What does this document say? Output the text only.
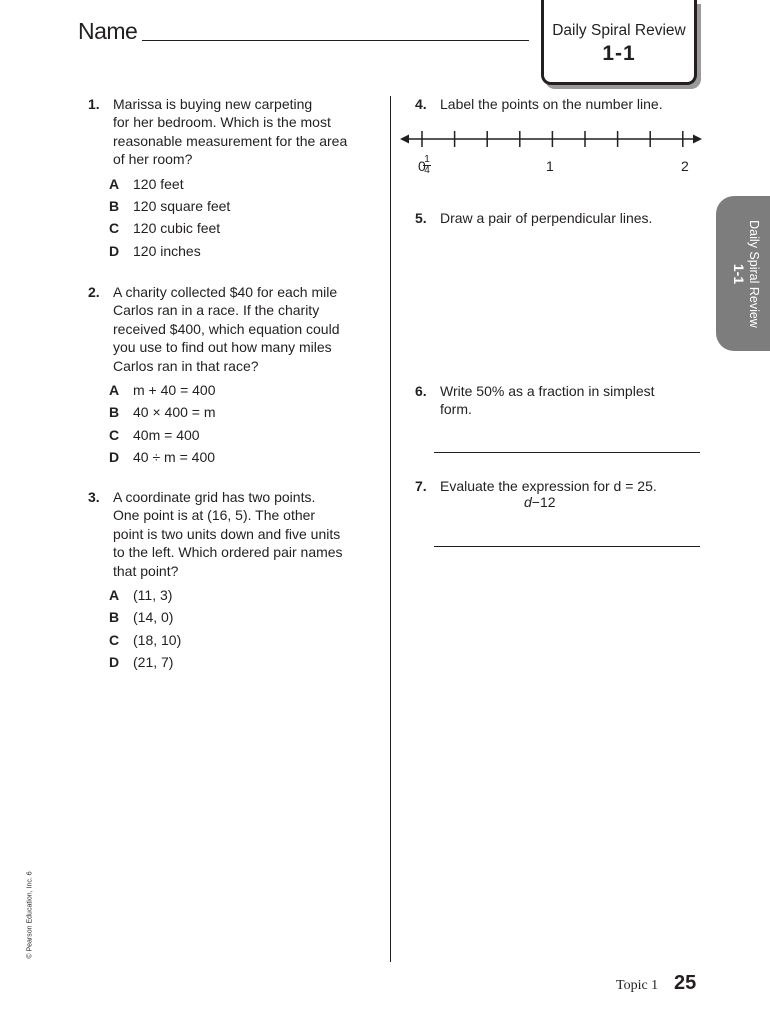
Name	Daily Spiral Review
1-1
Daily Spiral Review
1-1
1. Marissa is buying new carpeting
for her bedroom. Which is the most
reasonable measurement for the area
of her room?
A 120 feet
B 120 square feet
C 120 cubic feet
D 120 inches
2. A charity collected $40 for each mile
Carlos ran in a race. If the charity
received $400, which equation could
you use to find out how many miles
Carlos ran in that race?
A m + 40 = 400
B 40 × 400 = m
C 40m = 400
D 40 ÷ m = 400
3. A coordinate grid has two points.
One point is at (16, 5). The other
point is two units down and five units
to the left. Which ordered pair names
that point?
A (11, 3)
B (14, 0)
C (18, 10)
D (21, 7)
4. Label the points on the number line.
0
1
4	1	2
5. Draw a pair of perpendicular lines.
6. Write 50% as a fraction in simplest
form.
7. Evaluate the expression for d = 25.
d−12
© Pearson Education, Inc. 6
Topic 1 25
